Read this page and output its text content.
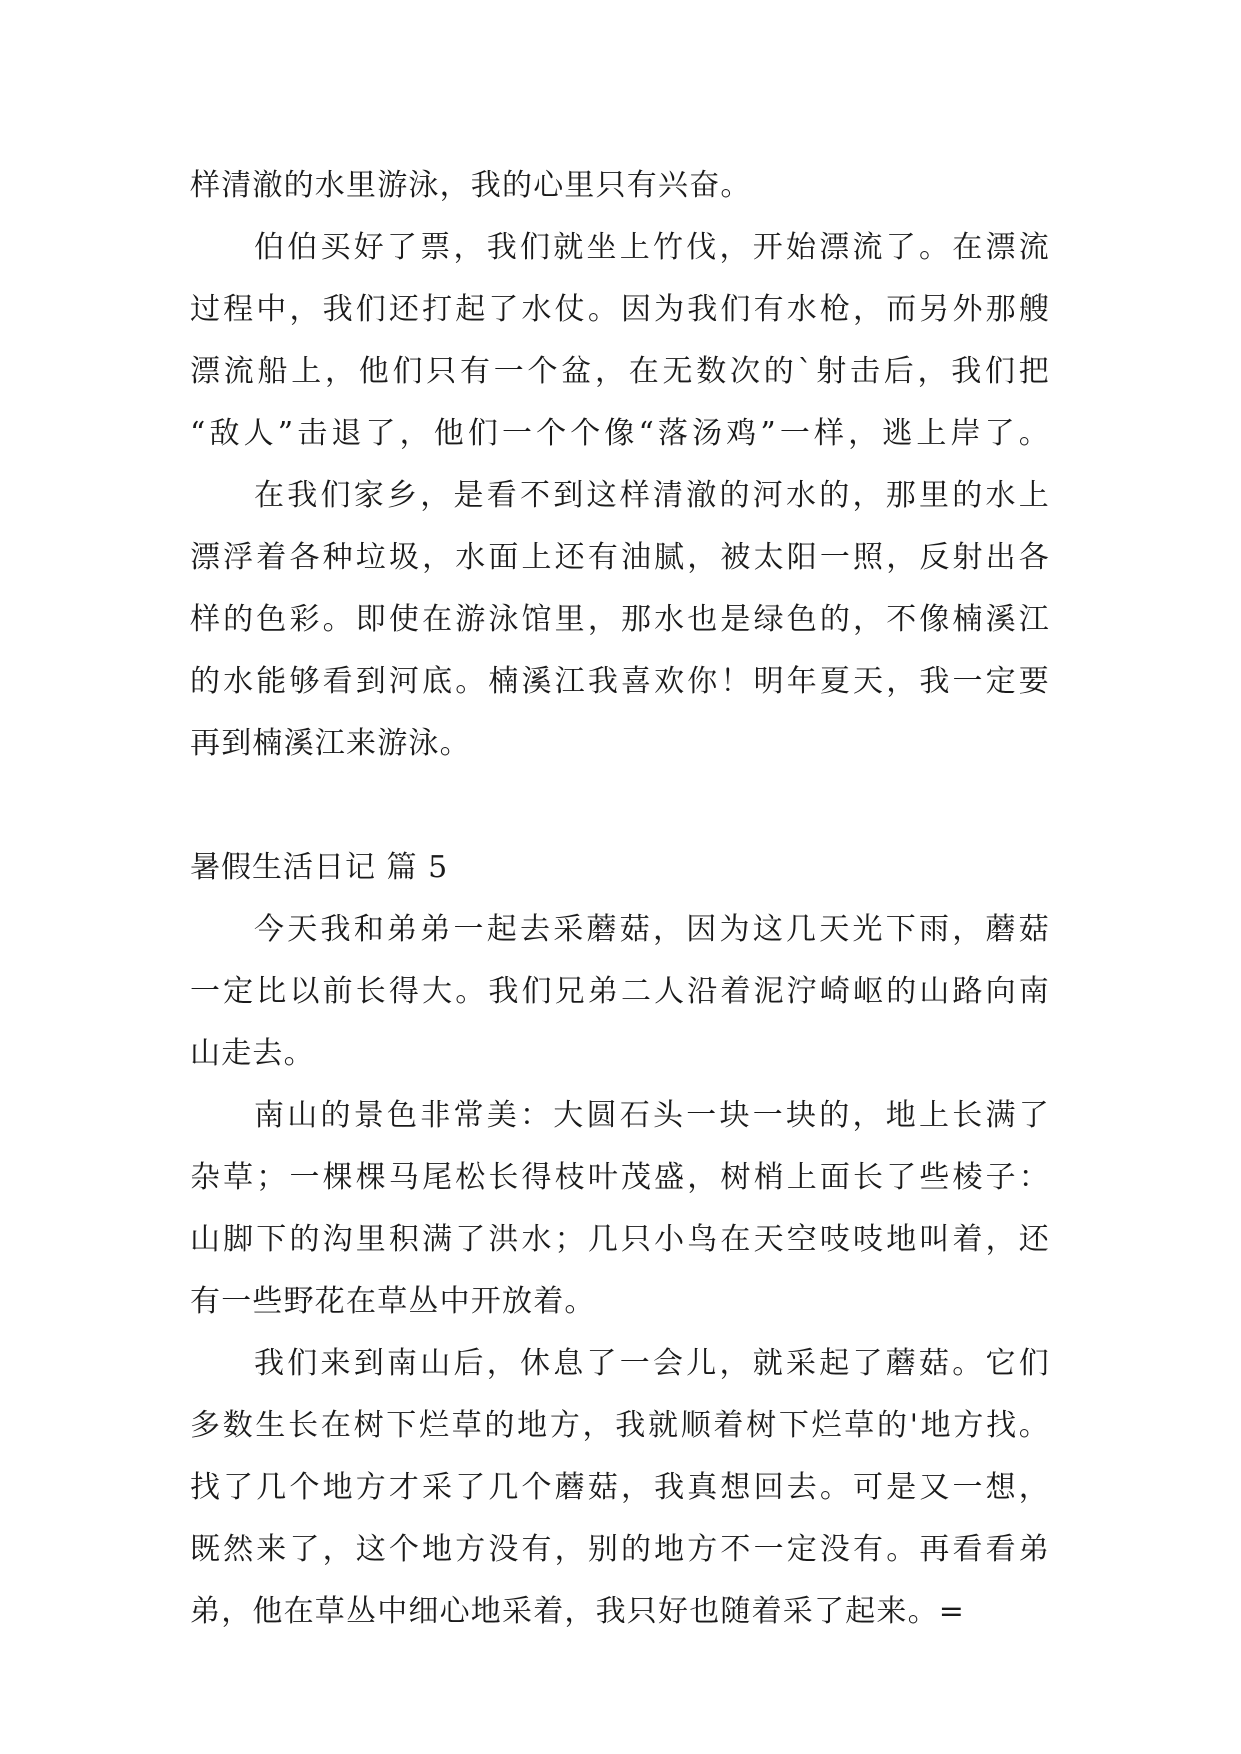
样清澈的水里游泳，我的心里只有兴奋。
伯伯买好了票，我们就坐上竹伐，开始漂流了。在漂流
过程中，我们还打起了水仗。因为我们有水枪，而另外那艘
漂流船上，他们只有一个盆，在无数次的`射击后，我们把
“敌人”击退了，他们一个个像“落汤鸡”一样，逃上岸了。
在我们家乡，是看不到这样清澈的河水的，那里的水上
漂浮着各种垃圾，水面上还有油腻，被太阳一照，反射出各
样的色彩。即使在游泳馆里，那水也是绿色的，不像楠溪江
的水能够看到河底。楠溪江我喜欢你！明年夏天，我一定要
再到楠溪江来游泳。
暑假生活日记 篇 5
今天我和弟弟一起去采蘑菇，因为这几天光下雨，蘑菇
一定比以前长得大。我们兄弟二人沿着泥泞崎岖的山路向南
山走去。
南山的景色非常美：大圆石头一块一块的，地上长满了
杂草；一棵棵马尾松长得枝叶茂盛，树梢上面长了些棱子：
山脚下的沟里积满了洪水；几只小鸟在天空吱吱地叫着，还
有一些野花在草丛中开放着。
我们来到南山后，休息了一会儿，就采起了蘑菇。它们
多数生长在树下烂草的地方，我就顺着树下烂草的'地方找。
找了几个地方才采了几个蘑菇，我真想回去。可是又一想，
既然来了，这个地方没有，别的地方不一定没有。再看看弟
弟，他在草丛中细心地采着，我只好也随着采了起来。=
